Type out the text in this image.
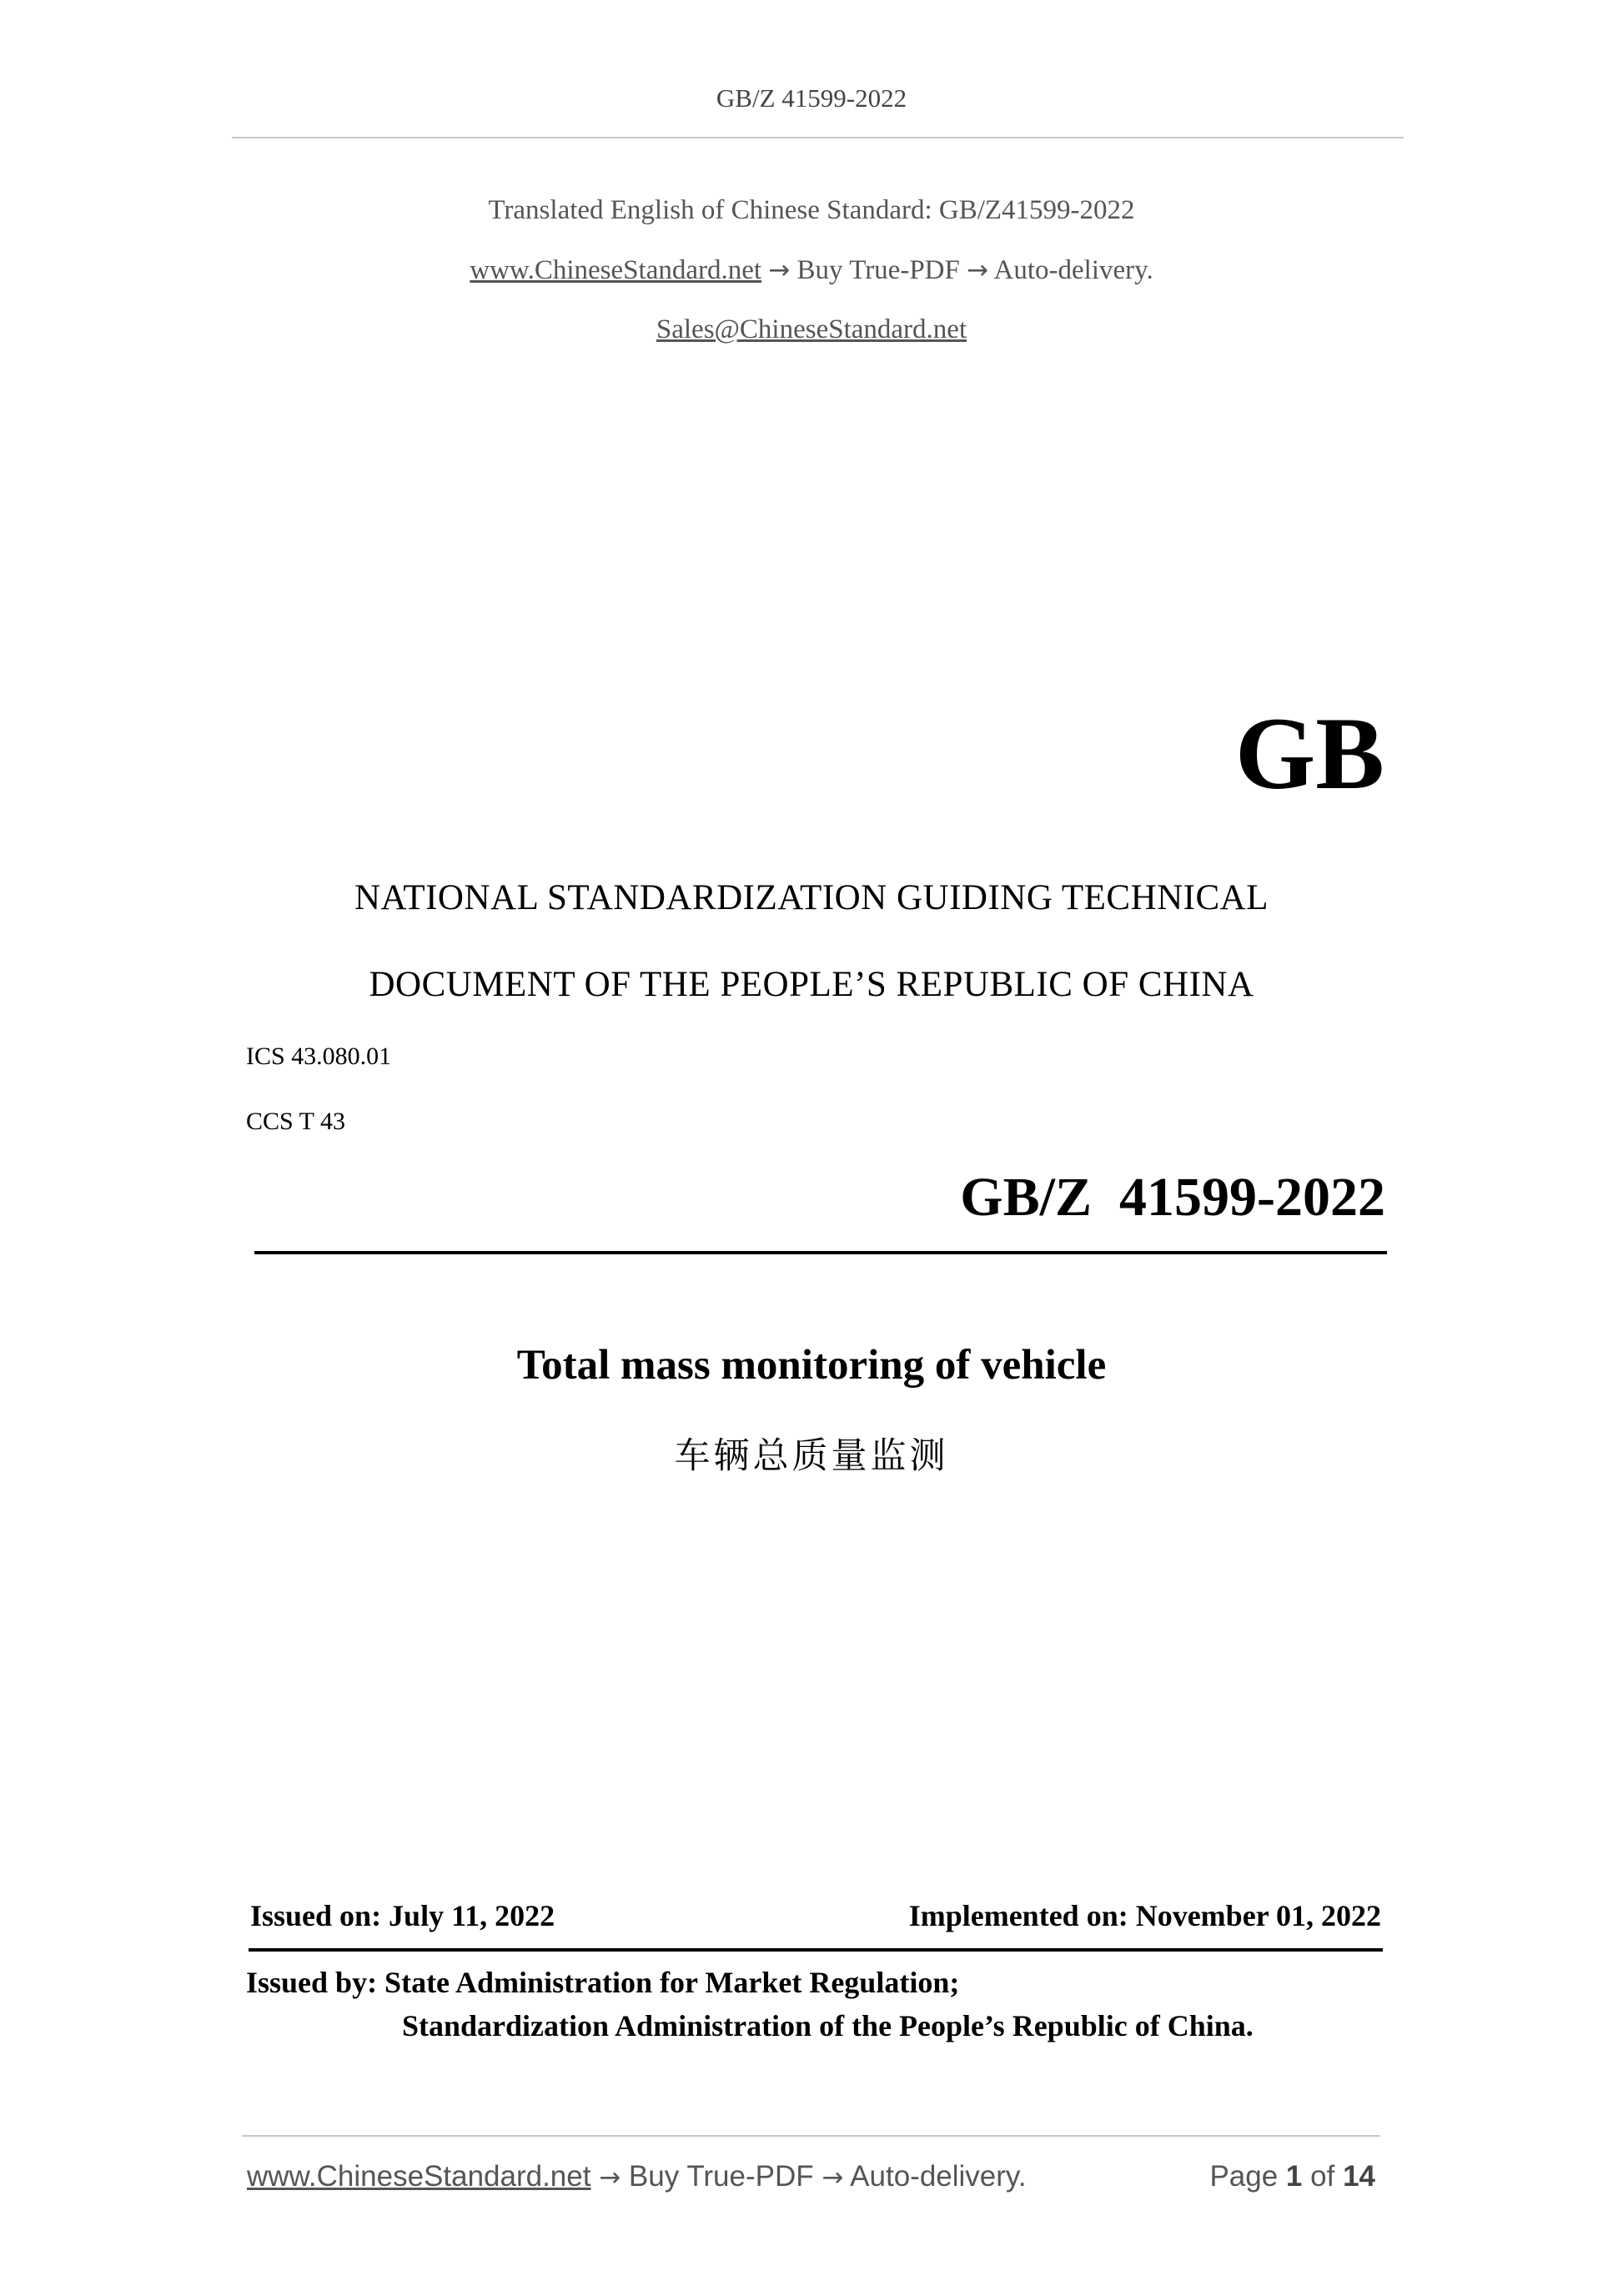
GB/Z 41599-2022
Translated English of Chinese Standard: GB/Z41599-2022
www.ChineseStandard.net → Buy True-PDF → Auto-delivery.
Sales@ChineseStandard.net
GB
NATIONAL STANDARDIZATION GUIDING TECHNICAL
DOCUMENT OF THE PEOPLE’S REPUBLIC OF CHINA
ICS 43.080.01
CCS T 43
GB/Z  41599-2022
Total mass monitoring of vehicle
车辆总质量监测
Issued on: July 11, 2022	Implemented on: November 01, 2022
Issued by: State Administration for Market Regulation;
Standardization Administration of the People’s Republic of China.
www.ChineseStandard.net → Buy True-PDF → Auto-delivery.	Page 1 of 14
